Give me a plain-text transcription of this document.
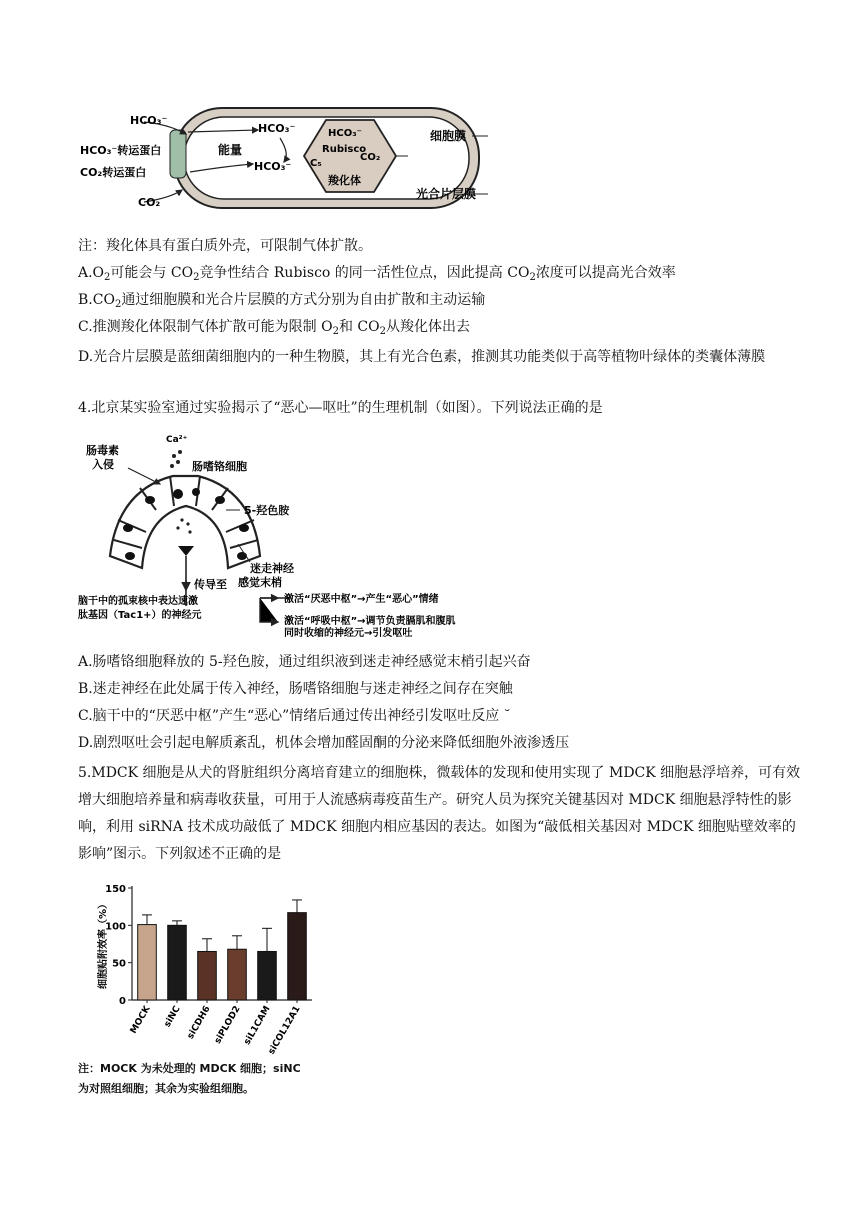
HCO₃⁻
HCO₃⁻转运蛋白
CO₂转运蛋白
CO₂
能量
HCO₃⁻
HCO₃⁻
HCO₃⁻
Rubisco
C₅
CO₂
羧化体
细胞膜
光合片层膜
注：羧化体具有蛋白质外壳，可限制气体扩散。
$A.O_2$可能会与 $CO_2$竞争性结合 Rubisco 的同一活性位点，因此提高 $CO_2$浓度可以提高光合效率
$B.CO_2$通过细胞膜和光合片层膜的方式分别为自由扩散和主动运输
C.推测羧化体限制气体扩散可能为限制 $O_2$和 $CO_2$从羧化体出去
D.光合片层膜是蓝细菌细胞内的一种生物膜，其上有光合色素，推测其功能类似于高等植物叶绿体的类囊体薄膜
4.北京某实验室通过实验揭示了“恶心—呕吐”的生理机制（如图）。下列说法正确的是
Ca²⁺
肠毒素
入侵	肠嗜铬细胞
5-羟色胺
迷走神经
感觉末梢
传导至
脑干中的孤束核中表达速激
肽基因（Tac1+）的神经元
激活“厌恶中枢”→产生“恶心”情绪
激活“呼吸中枢”→调节负责膈肌和腹肌
同时收缩的神经元→引发呕吐
A.肠嗜铬细胞释放的 5-羟色胺，通过组织液到迷走神经感觉末梢引起兴奋
B.迷走神经在此处属于传入神经，肠嗜铬细胞与迷走神经之间存在突触
C.脑干中的“厌恶中枢”产生“恶心”情绪后通过传出神经引发呕吐反应 ˘
D.剧烈呕吐会引起电解质紊乱，机体会增加醛固酮的分泌来降低细胞外液渗透压
5.MDCK 细胞是从犬的肾脏组织分离培育建立的细胞株，微载体的发现和使用实现了 MDCK 细胞悬浮培养，可有效增大细胞培养量和病毒收获量，可用于人流感病毒疫苗生产。研究人员为探究关键基因对 MDCK 细胞悬浮特性的影响，利用 siRNA 技术成功敲低了 MDCK 细胞内相应基因的表达。如图为“敲低相关基因对 MDCK 细胞贴壁效率的影响”图示。下列叙述不正确的是
0
50
100
150
细胞贴附效率（%）
MOCK siNC siCDH6 siPLOD2 siL1CAM
siCOL12A1
注：MOCK 为未处理的 MDCK 细胞；siNC
为对照组细胞；其余为实验组细胞。
